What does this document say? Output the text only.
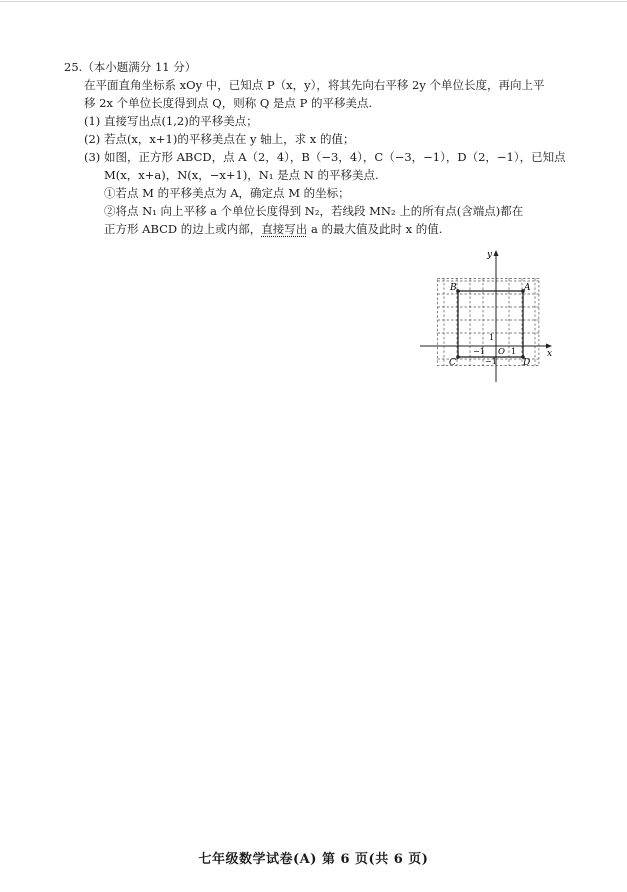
25.（本小题满分 11 分）
在平面直角坐标系 xOy 中，已知点 P（x，y），将其先向右平移 2y 个单位长度，再向上平
移 2x 个单位长度得到点 Q，则称 Q 是点 P 的平移美点.
(1) 直接写出点(1,2)的平移美点；
(2) 若点(x，x+1)的平移美点在 y 轴上，求 x 的值；
(3) 如图，正方形 ABCD，点 A（2，4），B（−3，4），C（−3，−1），D（2，−1），已知点
M(x，x+a)，N(x，−x+1)，N₁ 是点 N 的平移美点.
①若点 M 的平移美点为 A，确定点 M 的坐标；
②将点 N₁ 向上平移 a 个单位长度得到 N₂，若线段 MN₂ 上的所有点(含端点)都在
正方形 ABCD 的边上或内部，直接写出 a 的最大值及此时 x 的值.
A
B
C	D
x
y
O 1
−1
1
−1
七年级数学试卷(A) 第 6 页(共 6 页)
